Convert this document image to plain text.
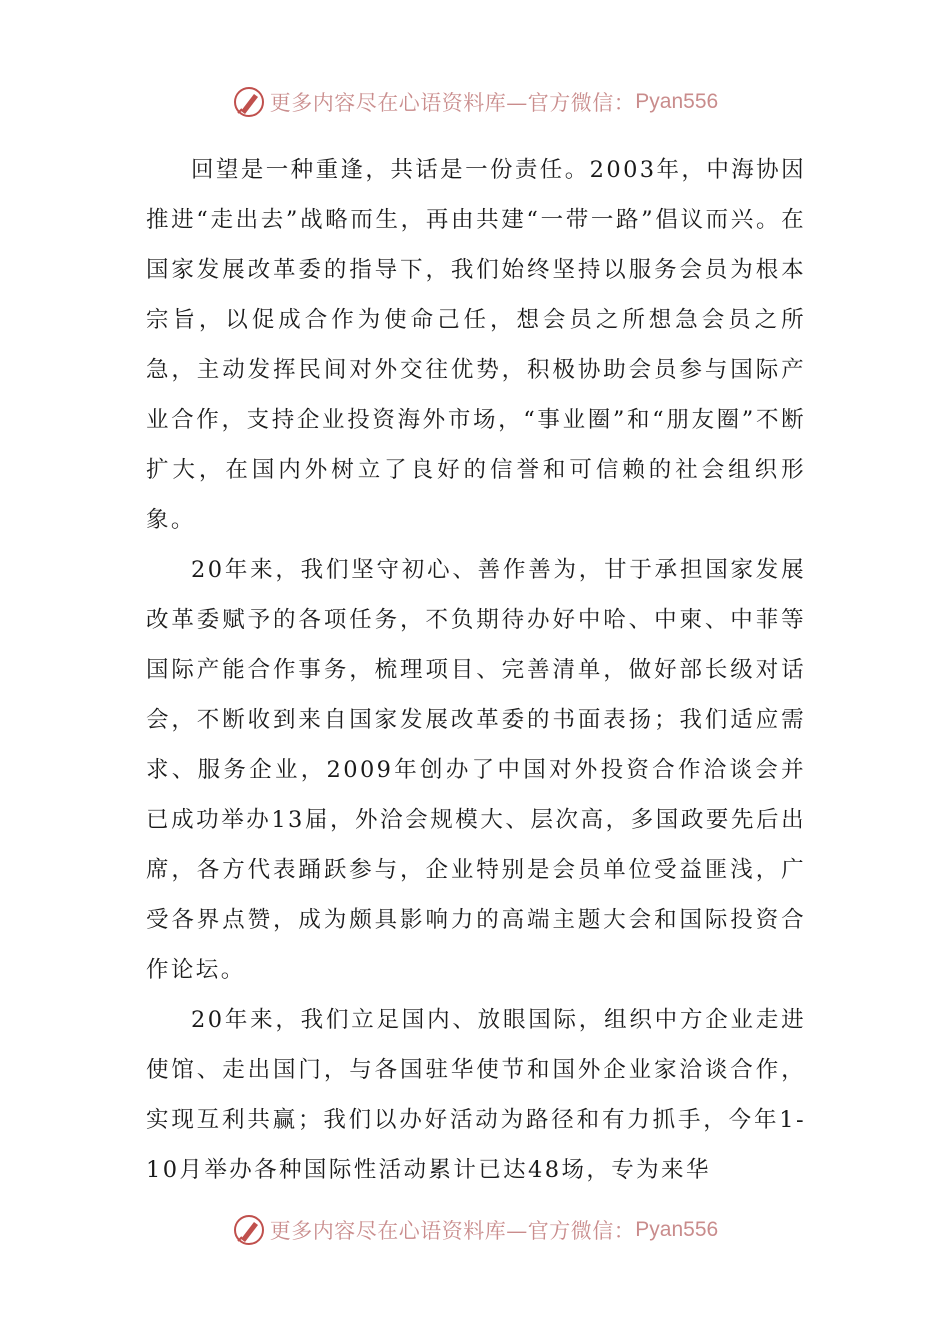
更多内容尽在心语资料库—官方微信： Pyan556

回望是一种重逢，共话是一份责任。2003年，中海协因推进“走出去”战略而生，再由共建“一带一路”倡议而兴。在国家发展改革委的指导下，我们始终坚持以服务会员为根本宗旨，以促成合作为使命己任，想会员之所想急会员之所急，主动发挥民间对外交往优势，积极协助会员参与国际产业合作，支持企业投资海外市场，“事业圈”和“朋友圈”不断扩大，在国内外树立了良好的信誉和可信赖的社会组织形象。

20年来，我们坚守初心、善作善为，甘于承担国家发展改革委赋予的各项任务，不负期待办好中哈、中柬、中菲等国际产能合作事务，梳理项目、完善清单，做好部长级对话会，不断收到来自国家发展改革委的书面表扬；我们适应需求、服务企业，2009年创办了中国对外投资合作洽谈会并已成功举办13届，外洽会规模大、层次高，多国政要先后出席，各方代表踊跃参与，企业特别是会员单位受益匪浅，广受各界点赞，成为颇具影响力的高端主题大会和国际投资合作论坛。

20年来，我们立足国内、放眼国际，组织中方企业走进使馆、走出国门，与各国驻华使节和国外企业家洽谈合作，实现互利共赢；我们以办好活动为路径和有力抓手，今年1-10月举办各种国际性活动累计已达48场，专为来华

更多内容尽在心语资料库—官方微信： Pyan556
